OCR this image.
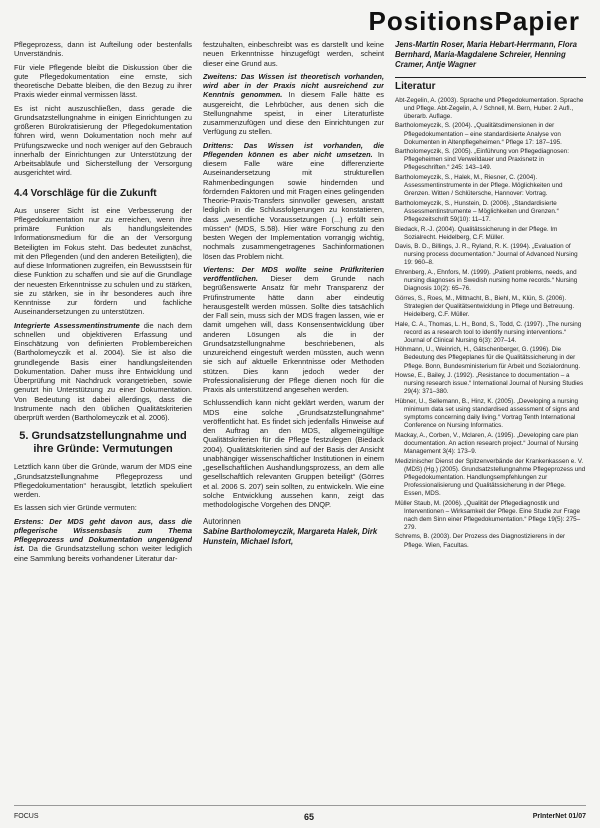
PositionsPapier

Pflegeprozess, dann ist Aufteilung oder bestenfalls Unverständnis.

Für viele Pflegende bleibt die Diskussion über die gute Pflegedokumentation eine ernste, sich theoretische Debatte bleiben, die den Bezug zu ihrer Praxis wieder einmal vermissen lässt.

Es ist nicht auszuschließen, dass gerade die Grundsatzstellungnahme in einigen Einrichtungen zu größeren Bürokratisierung der Pflegedokumentation führen wird, wenn Dokumentation noch mehr auf Prüfungszwecke und noch weniger auf den Gebrauch innerhalb der Einrichtungen zur Unterstützung der Arbeitsabläufe und Sicherstellung der Versorgung ausgerichtet wird.

4.4 Vorschläge für die Zukunft

Aus unserer Sicht ist eine Verbesserung der Pflegedokumentation nur zu erreichen, wenn ihre primäre Funktion als handlungsleitendes Informationsmedium für die an der Versorgung Beteiligten im Fokus steht. Das bedeutet zunächst, mit den Pflegenden (und den anderen Beteiligten), die auf diese Informationen zugreifen, ein Bewusstsein für diese Funktion zu schaffen und sie auf die Grundlage der neuesten Erkenntnisse zu schulen und zu stärken, sie zu stärken, sie in ihr besonderes auch ihre Kenntnisse zur fördern und fachliche Auseinandersetzungen zu unterstützen.

Integrierte Assessmentinstrumente die nach dem schnellen und objektiveren Erfassung und Einschätzung von definierten Problembereichen (Bartholomeyczik et al. 2004). Sie ist also die grundlegende Basis einer handlungsleitenden Dokumentation. Daher muss ihre Entwicklung und Überprüfung mit Nachdruck vorangetrieben, sowie genutzt hin Unterstützung zu einer Dokumentation. Von Bedeutung ist dabei allerdings, dass die Instrumente nach den üblichen Qualitätskriterien überprüft werden (Bartholomeyczik et al. 2006).

5. Grundsatzstellungnahme und ihre Gründe: Vermutungen

Letztlich kann über die Gründe, warum der MDS eine „Grundsatzstellungnahme Pflegeprozess und Pflegedokumentation“ herausgibt, letztlich spekuliert werden.

Es lassen sich vier Gründe vermuten:

Erstens: Der MDS geht davon aus, dass die pflegerische Wissensbasis zum Thema Pflegeprozess und Dokumentation ungenügend ist. Da die Grundsatzstellung schon weiter lediglich eine Sammlung bereits vorhandener Literatur dar-

festzuhalten, einbeschreibt was es darstellt und keine neuen Erkenntnisse hinzugefügt werden, scheint dieser eine Grund aus.

Zweitens: Das Wissen ist theoretisch vorhanden, wird aber in der Praxis nicht ausreichend zur Kenntnis genommen. In diesem Falle hätte es ausgereicht, die Lehrbücher, aus denen sich die Stellungnahme speist, in einer Literaturliste zusammenzufügen und diese den Einrichtungen zur Verfügung zu stellen.

Drittens: Das Wissen ist vorhanden, die Pflegenden können es aber nicht umsetzen. In diesem Falle wäre eine differenzierte Auseinandersetzung mit strukturellen Rahmenbedingungen sowie hindernden und fördernden Faktoren und mit Fragen eines gelingenden Theorie-Praxis-Transfers sinnvoller gewesen, anstatt lediglich in die Schlussfolgerungen zu konstatieren, dass „wesentliche Voraussetzungen (...) erfüllt sein müssen“ (MDS, S.58). Hier wäre Forschung zu den besten Wegen der Implementation vorrangig wichtig, nochmals zusammengetragenes Sachinformationen lösen das Problem nicht.

Viertens: Der MDS wollte seine Prüfkriterien veröffentlichen. Dieser dem Grunde nach begrüßenswerte Ansatz für mehr Transparenz der Prüfinstrumente hätte dann aber eindeutig herausgestellt werden müssen. Sollte dies tatsächlich der Fall sein, muss sich der MDS fragen lassen, wie er damit umgehen will, dass Konsensentwicklung über anderen Lösungen als die in der Grundsatzstellungnahme beschriebenen, als unzureichend eingestuft werden müssten, auch wenn sie sich auf aktuelle Erkenntnisse oder Methoden stützen. Dies kann jedoch weder der Professionalisierung der Pflege dienen noch für die Praxis als unterstützend angesehen werden.

Schlussendlich kann nicht geklärt werden, warum der MDS eine solche „Grundsatzstellungnahme“ veröffentlicht hat. Es findet sich jedenfalls Hinweise auf den Auftrag an den MDS, allgemeingültige Qualitätskriterien für die Pflege festzulegen (Biedack 2004). Qualitätskriterien sind auf der Basis der Ansicht unabhängiger wissenschaftlicher Institutionen in einem „gesellschaftlichen Aushandlungsprozess, an dem alle gesellschaftlich relevanten Gruppen beteiligt“ (Görres et al. 2006 S. 207) sein sollten, zu entwickeln. Wie eine solche Entwicklung aussehen kann, zeigt das methodologische Vorgehen des DNQP.

Autorinnen
Sabine Bartholomeyczik, Margareta Halek, Dirk Hunstein, Michael Isfort,
Jens-Martin Roser, Maria Hebart-Herrmann, Flora Bernhard, Maria-Magdalene Schreier, Henning Cramer, Antje Wagner
Literatur

Abt-Zegelin, A. (2003). Sprache und Pflegedokumentation. Sprache und Pflege. Abt-Zegelin, A. / Schnell, M. Bern, Huber. 2 Aufl., überarb. Auflage.

Bartholomeyczik, S. (2004). „Qualitätsdimensionen in der Pflegedokumentation – eine standardisierte Analyse von Dokumenten in Altenpflegeheimen.“ Pflege 17: 187–195.

Bartholomeyczik, S. (2005). „Einführung von Pflegediagnosen: Pflegeheimen sind Verweildauer und Praxisnetz in Pflegeschriften.“ 245: 143–149.

Bartholomeyczik, S., Halek, M., Riesner, C. (2004). Assessmentinstrumente in der Pflege. Möglichkeiten und Grenzen. Witten / Schlütersche, Hannover: Vortrag.

Bartholomeyczik, S., Hunstein, D. (2006). „Standardisierte Assessmentinstrumente – Möglichkeiten und Grenzen.“ Pflegezeitschrift 59(10): 11–17.

Biedack, R.-J. (2004). Qualitätssicherung in der Pflege. Im Sozialrecht. Heidelberg, C.F. Müller.

Davis, B. D., Billings, J. R., Ryland, R. K. (1994). „Evaluation of nursing process documentation.“ Journal of Advanced Nursing 19: 960–8.

Ehrenberg, A., Ehnfors, M. (1999). „Patient problems, needs, and nursing diagnoses in Swedish nursing home records.“ Nursing Diagnosis 10(2): 65–76.

Görres, S., Roes, M., Mittnacht, B., Biehl, M., Klün, S. (2006). Strategien der Qualitätsentwicklung in Pflege und Betreuung. Heidelberg, C.F. Müller.

Hale, C. A., Thomas, L. H., Bond, S., Todd, C. (1997). „The nursing record as a research tool to identify nursing interventions.“ Journal of Clinical Nursing 6(3): 207–14.

Höhmann, U., Weinrich, H., Gätschenberger, G. (1996). Die Bedeutung des Pflegeplanes für die Qualitätssicherung in der Pflege. Bonn, Bundesministerium für Arbeit und Sozialordnung.

Howse, E., Bailey, J. (1992). „Resistance to documentation – a nursing research issue.“ International Journal of Nursing Studies 29(4): 371–380.

Hübner, U., Sellemann, B., Hinz, K. (2005). „Developing a nursing minimum data set using standardised assessment of signs and symptoms concerning daily living.“ Vortrag Tenth International Conference on Nursing Informatics.

Mackay, A., Corben, V., Mclaren, A. (1995). „Developing care plan documentation. An action research project.“ Journal of Nursing Management 3(4): 173–9.

Medizinischer Dienst der Spitzenverbände der Krankenkassen e. V. (MDS) (Hg.) (2005). Grundsatzstellungnahme Pflegeprozess und Pflegedokumentation. Handlungsempfehlungen zur Professionalisierung und Qualitätssicherung in der Pflege. Essen, MDS.

Müller Staub, M. (2006). „Qualität der Pflegediagnostik und Interventionen – Wirksamkeit der Pflege. Eine Studie zur Frage nach dem Sinn einer Pflegedokumentation.“ Pflege 19(5): 275–279.

Schrems, B. (2003). Der Prozess des Diagnostizierens in der Pflege. Wien, Facultas.

FOCUS	65	PrInterNet 01/07
